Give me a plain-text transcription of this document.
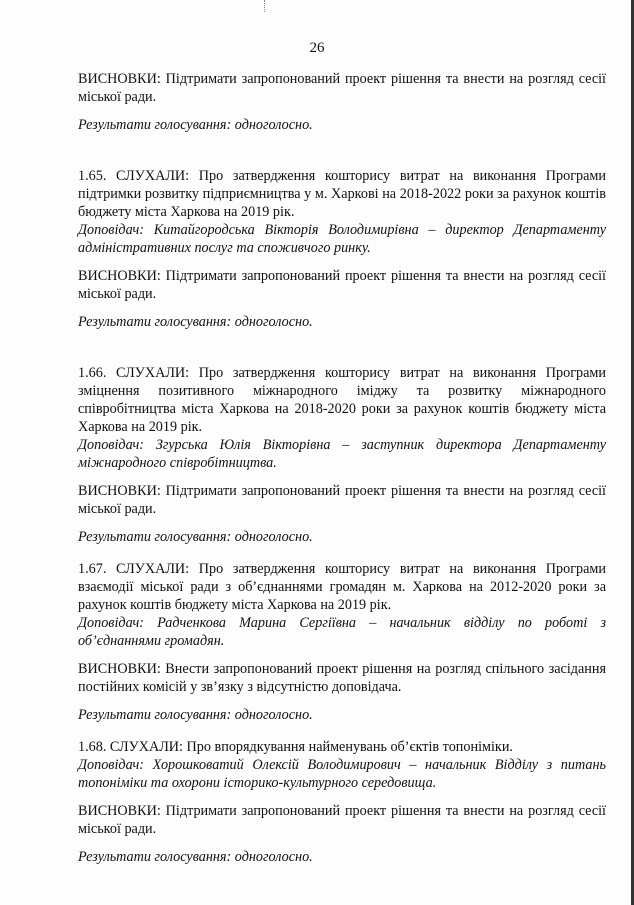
26

ВИСНОВКИ: Підтримати запропонований проект рішення та внести на розгляд сесії міської ради.

Результати голосування: одноголосно.

1.65. СЛУХАЛИ: Про затвердження кошторису витрат на виконання Програми підтримки розвитку підприємництва у м. Харкові на 2018-2022 роки за рахунок коштів бюджету міста Харкова на 2019 рік.

Доповідач: Китайгородська Вікторія Володимирівна – директор Департаменту адміністративних послуг та споживчого ринку.

ВИСНОВКИ: Підтримати запропонований проект рішення та внести на розгляд сесії міської ради.

Результати голосування: одноголосно.

1.66. СЛУХАЛИ: Про затвердження кошторису витрат на виконання Програми зміцнення позитивного міжнародного іміджу та розвитку міжнародного співробітництва міста Харкова на 2018-2020 роки за рахунок коштів бюджету міста Харкова на 2019 рік.

Доповідач: Згурська Юлія Вікторівна – заступник директора Департаменту міжнародного співробітництва.

ВИСНОВКИ: Підтримати запропонований проект рішення та внести на розгляд сесії міської ради.

Результати голосування: одноголосно.

1.67. СЛУХАЛИ: Про затвердження кошторису витрат на виконання Програми взаємодії міської ради з об’єднаннями громадян м. Харкова на 2012-2020 роки за рахунок коштів бюджету міста Харкова на 2019 рік.

Доповідач: Радченкова Марина Сергіївна – начальник відділу по роботі з об’єднаннями громадян.

ВИСНОВКИ: Внести запропонований проект рішення на розгляд спільного засідання постійних комісій у зв’язку з відсутністю доповідача.

Результати голосування: одноголосно.

1.68. СЛУХАЛИ: Про впорядкування найменувань об’єктів топоніміки.

Доповідач: Хорошковатий Олексій Володимирович – начальник Відділу з питань топоніміки та охорони історико-культурного середовища.

ВИСНОВКИ: Підтримати запропонований проект рішення та внести на розгляд сесії міської ради.

Результати голосування: одноголосно.
